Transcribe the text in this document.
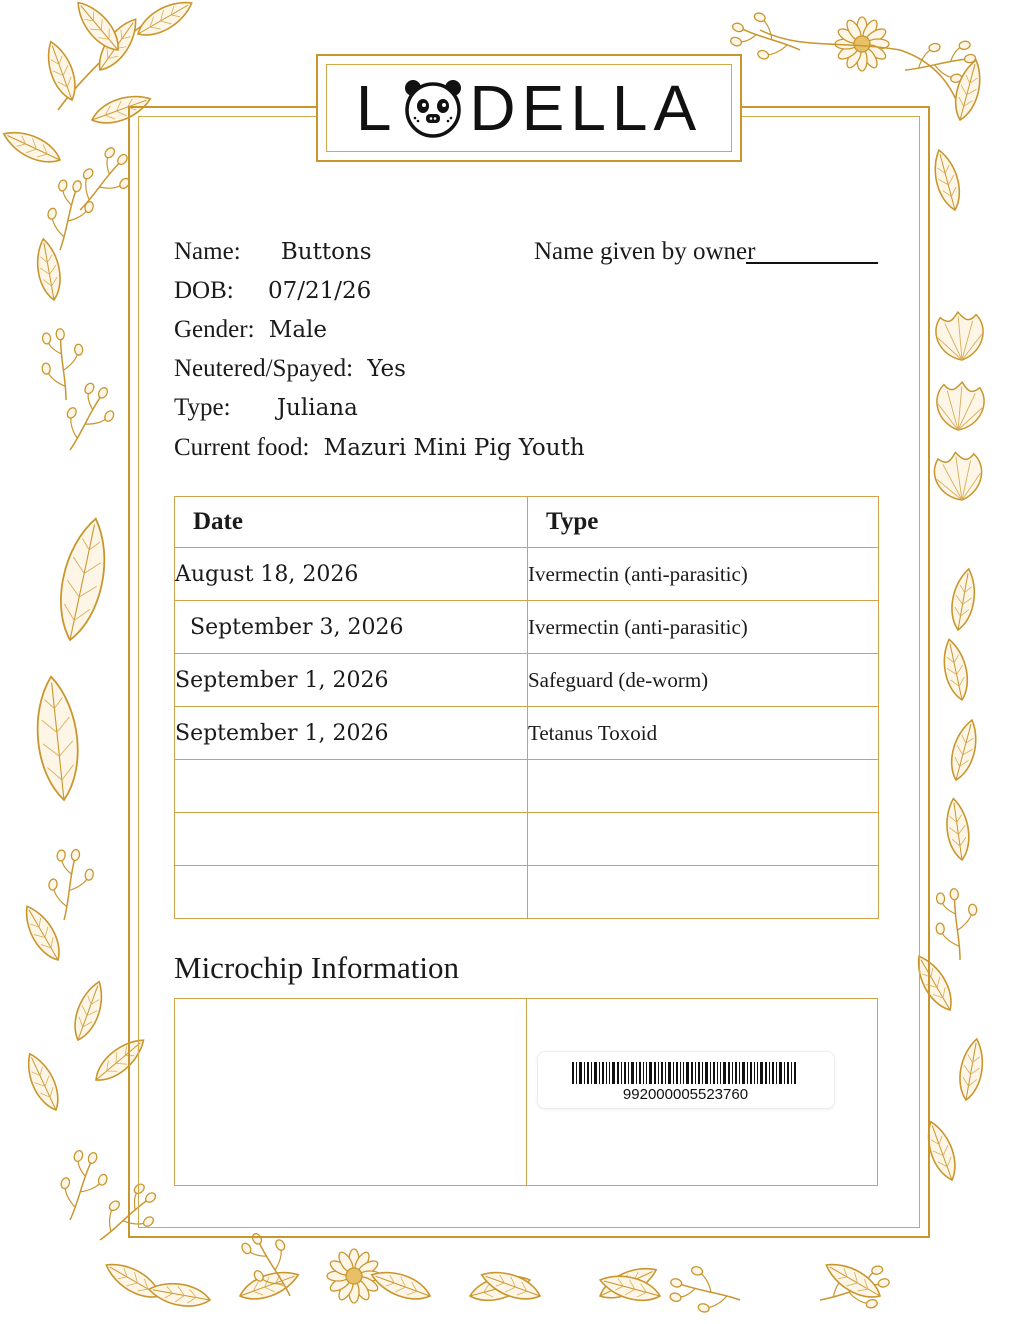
L DELLA
Name: Buttons	Name given by owner
DOB: 07/21/26
Gender: Male
Neutered/Spayed: Yes
Type: Juliana
Current food: Mazuri Mini Pig Youth
Date	Type
August 18, 2026	Ivermectin (anti-parasitic)
September 3, 2026	Ivermectin (anti-parasitic)
September 1, 2026	Safeguard (de-worm)
September 1, 2026	Tetanus Toxoid

Microchip Information
992000005523760
